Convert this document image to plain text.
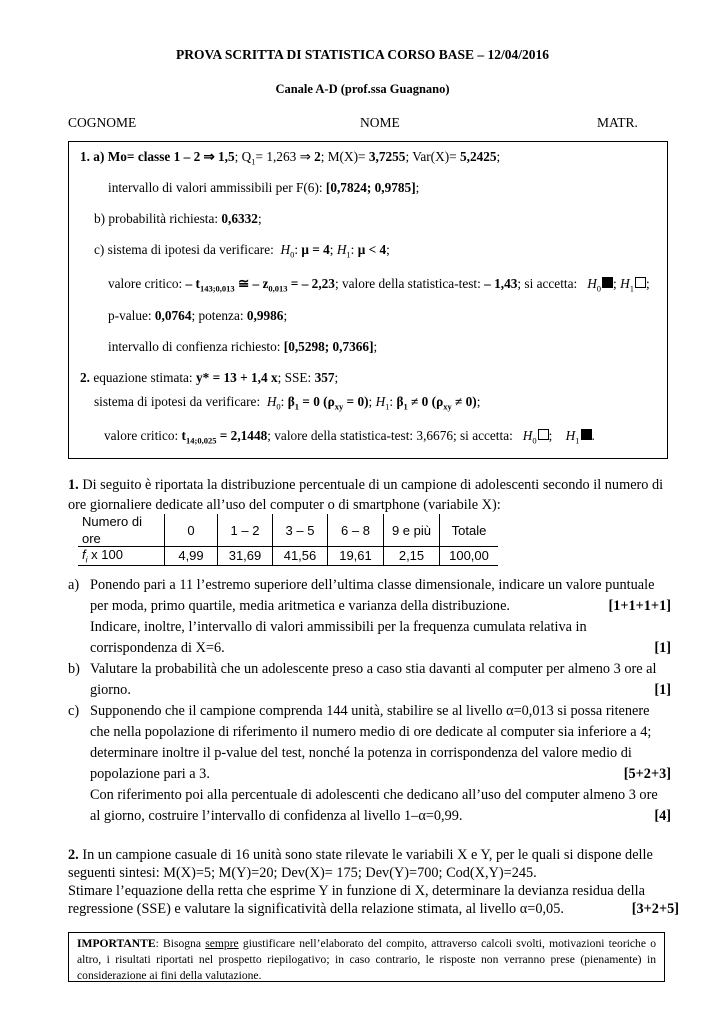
PROVA SCRITTA DI STATISTICA CORSO BASE – 12/04/2016
Canale A-D (prof.ssa Guagnano)
COGNOME	NOME	MATR.
1. a) Mo= classe 1 – 2 ⇒ 1,5; $Q_1= 1,263$ ⇒ 2; M(X)= 3,7255; Var(X)= 5,2425;
intervallo di valori ammissibili per F(6): [0,7824; 0,9785];
b) probabilità richiesta: 0,6332;
c) sistema di ipotesi da verificare: $H_0$: μ = 4; $H_1$: μ < 4;
valore critico: – $t_{143;0,013}$ ≅ – $z_{0,013}$ = – 2,23; valore della statistica-test: – 1,43; si accetta: $H_0$ ; $H_1$ ;
p-value: 0,0764; potenza: 0,9986;
intervallo di confienza richiesto: [0,5298; 0,7366];
2. equazione stimata: y* = 13 + 1,4 x; SSE: 357;
sistema di ipotesi da verificare: $H_0$: $\beta_1 = 0$ $(\rho_{xy} = 0)$; $H_1$: $\beta_1 \ne 0$ $(\rho_{xy} \ne 0)$;
valore critico: $t_{14;0,025} = 2,1448$; valore della statistica-test: 3,6676; si accetta: $H_0$ ; $H_1$ .
1. Di seguito è riportata la distribuzione percentuale di un campione di adolescenti secondo il numero di
ore giornaliere dedicate all’uso del computer o di smartphone (variabile X):
Numero di
ore	0	1 – 2	3 – 5	6 – 8	9 e più	Totale
$f_i$ x 100	4,99	31,69	41,56	19,61	2,15	100,00
a) Ponendo pari a 11 l’estremo superiore dell’ultima classe dimensionale, indicare un valore puntuale
per moda, primo quartile, media aritmetica e varianza della distribuzione.	[1+1+1+1]
Indicare, inoltre, l’intervallo di valori ammissibili per la frequenza cumulata relativa in
corrispondenza di X=6.	[1]
b) Valutare la probabilità che un adolescente preso a caso stia davanti al computer per almeno 3 ore al
giorno.	[1]
c) Supponendo che il campione comprenda 144 unità, stabilire se al livello α=0,013 si possa ritenere
che nella popolazione di riferimento il numero medio di ore dedicate al computer sia inferiore a 4;
determinare inoltre il p-value del test, nonché la potenza in corrispondenza del valore medio di
popolazione pari a 3.	[5+2+3]
Con riferimento poi alla percentuale di adolescenti che dedicano all’uso del computer almeno 3 ore
al giorno, costruire l’intervallo di confidenza al livello 1–α=0,99.	[4]
2. In un campione casuale di 16 unità sono state rilevate le variabili X e Y, per le quali si dispone delle
seguenti sintesi: M(X)=5; M(Y)=20; Dev(X)= 175; Dev(Y)=700; Cod(X,Y)=245.
Stimare l’equazione della retta che esprime Y in funzione di X, determinare la devianza residua della
regressione (SSE) e valutare la significatività della relazione stimata, al livello α=0,05.	[3+2+5]
IMPORTANTE: Bisogna sempre giustificare nell’elaborato del compito, attraverso calcoli svolti, motivazioni teoriche o altro, i risultati riportati nel prospetto riepilogativo; in caso contrario, le risposte non verranno prese (pienamente) in considerazione ai fini della valutazione.
